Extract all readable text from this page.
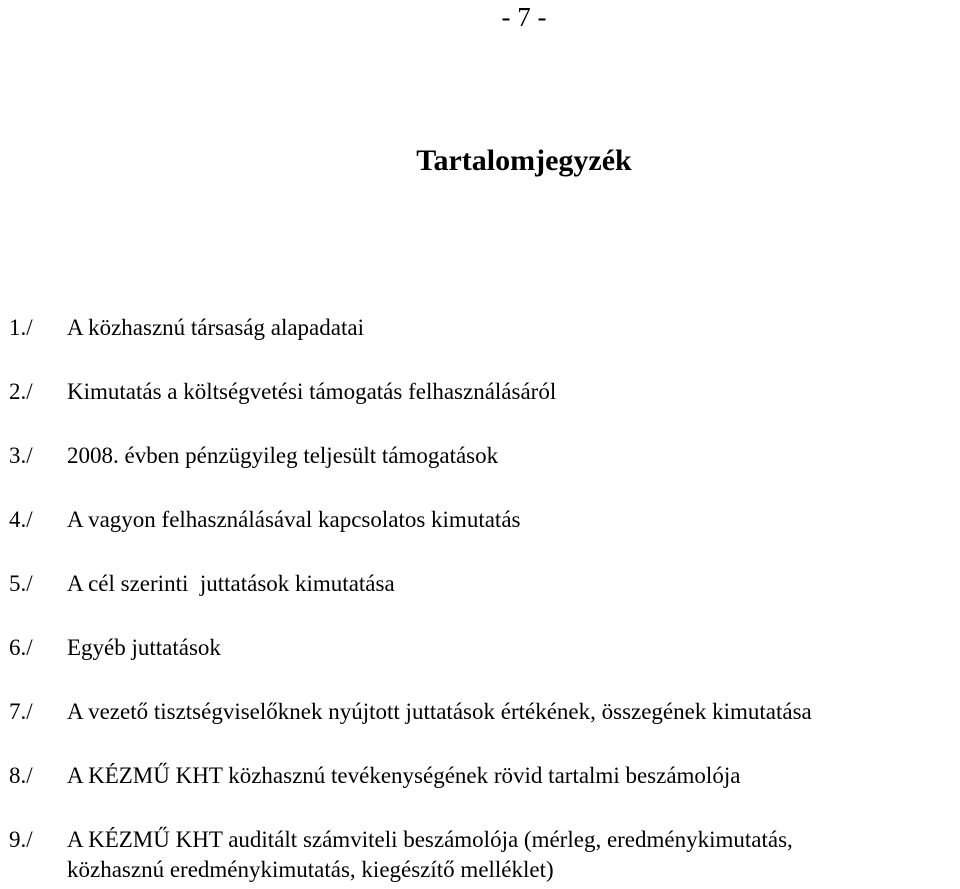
- 7 -
Tartalomjegyzék
1./	A közhasznú társaság alapadatai
2./	Kimutatás a költségvetési támogatás felhasználásáról
3./	2008. évben pénzügyileg teljesült támogatások
4./	A vagyon felhasználásával kapcsolatos kimutatás
5./	A cél szerinti  juttatások kimutatása
6./	Egyéb juttatások
7./	A vezető tisztségviselőknek nyújtott juttatások értékének, összegének kimutatása
8./	A KÉZMŰ KHT közhasznú tevékenységének rövid tartalmi beszámolója
9./	A KÉZMŰ KHT auditált számviteli beszámolója (mérleg, eredménykimutatás,
közhasznú eredménykimutatás, kiegészítő melléklet)
